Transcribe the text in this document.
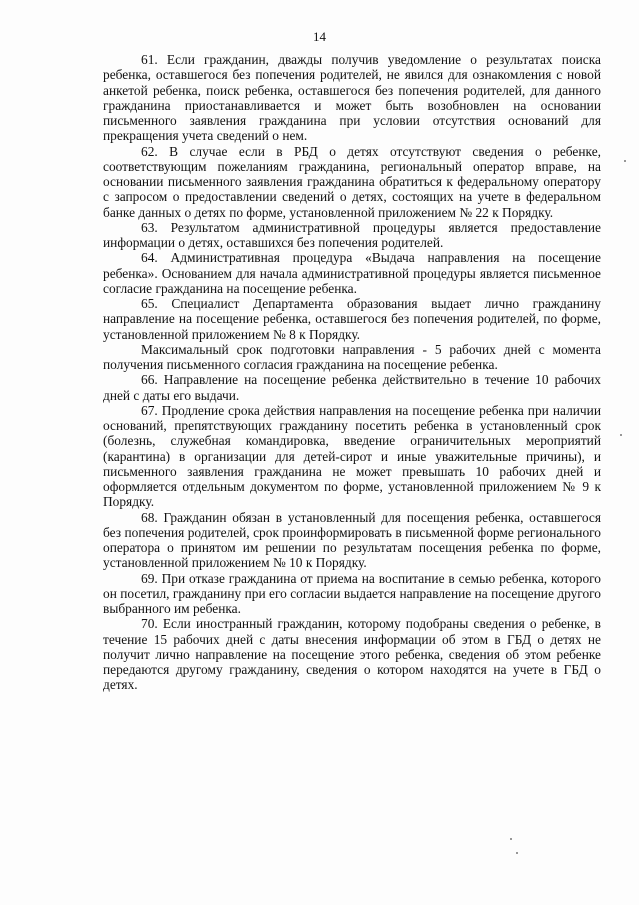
14

61. Если гражданин, дважды получив уведомление о результатах поиска ребенка, оставшегося без попечения родителей, не явился для ознакомления с новой анкетой ребенка, поиск ребенка, оставшегося без попечения родителей, для данного гражданина приостанавливается и может быть возобновлен на основании письменного заявления гражданина при условии отсутствия оснований для прекращения учета сведений о нем.

62. В случае если в РБД о детях отсутствуют сведения о ребенке, соответствующим пожеланиям гражданина, региональный оператор вправе, на основании письменного заявления гражданина обратиться к федеральному оператору с запросом о предоставлении сведений о детях, состоящих на учете в федеральном банке данных о детях по форме, установленной приложением № 22 к Порядку.

63. Результатом административной процедуры является предоставление информации о детях, оставшихся без попечения родителей.

64. Административная процедура «Выдача направления на посещение ребенка». Основанием для начала административной процедуры является письменное согласие гражданина на посещение ребенка.

65. Специалист Департамента образования выдает лично гражданину направление на посещение ребенка, оставшегося без попечения родителей, по форме, установленной приложением № 8 к Порядку.

Максимальный срок подготовки направления - 5 рабочих дней с момента получения письменного согласия гражданина на посещение ребенка.

66. Направление на посещение ребенка действительно в течение 10 рабочих дней с даты его выдачи.

67. Продление срока действия направления на посещение ребенка при наличии оснований, препятствующих гражданину посетить ребенка в установленный срок (болезнь, служебная командировка, введение ограничительных мероприятий (карантина) в организации для детей-сирот и иные уважительные причины), и письменного заявления гражданина не может превышать 10 рабочих дней и оформляется отдельным документом по форме, установленной приложением № 9 к Порядку.

68. Гражданин обязан в установленный для посещения ребенка, оставшегося без попечения родителей, срок проинформировать в письменной форме регионального оператора о принятом им решении по результатам посещения ребенка по форме, установленной приложением № 10 к Порядку.

69. При отказе гражданина от приема на воспитание в семью ребенка, которого он посетил, гражданину при его согласии выдается направление на посещение другого выбранного им ребенка.

70. Если иностранный гражданин, которому подобраны сведения о ребенке, в течение 15 рабочих дней с даты внесения информации об этом в ГБД о детях не получит лично направление на посещение этого ребенка, сведения об этом ребенке передаются другому гражданину, сведения о котором находятся на учете в ГБД о детях.
